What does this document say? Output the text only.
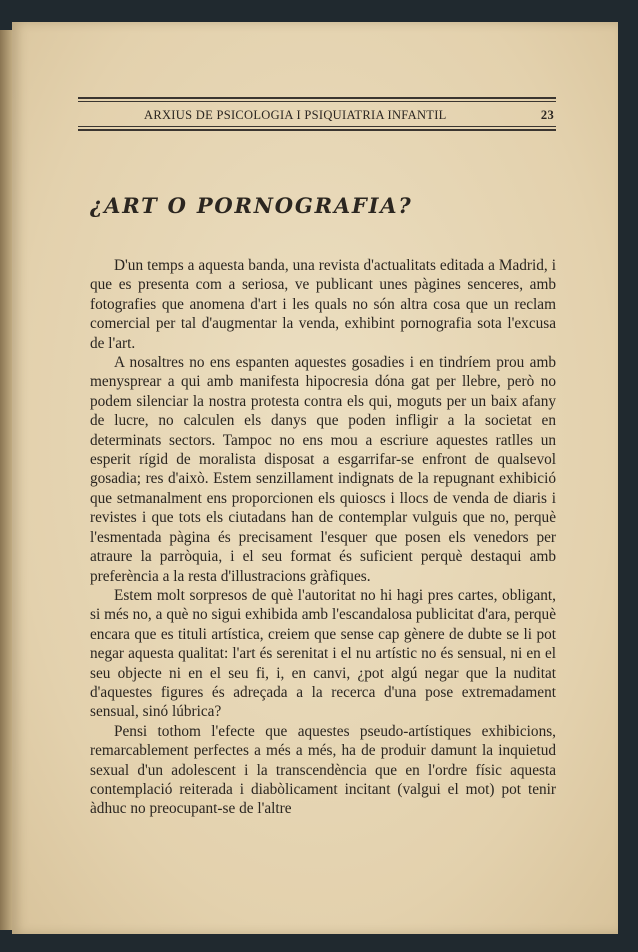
ARXIUS DE PSICOLOGIA I PSIQUIATRIA INFANTIL	23
¿ART O PORNOGRAFIA?

D'un temps a aquesta banda, una revista d'actualitats editada a Madrid, i que es presenta com a seriosa, ve publicant unes pàgines senceres, amb fotografies que anomena d'art i les quals no són altra cosa que un reclam comercial per tal d'augmentar la venda, exhibint pornografia sota l'excusa de l'art.

A nosaltres no ens espanten aquestes gosadies i en tindríem prou amb menysprear a qui amb manifesta hipocresia dóna gat per llebre, però no podem silenciar la nostra protesta contra els qui, moguts per un baix afany de lucre, no calculen els danys que poden infligir a la societat en determinats sectors. Tampoc no ens mou a escriure aquestes ratlles un esperit rígid de moralista disposat a esgarrifar-se enfront de qualsevol gosadia; res d'això. Estem senzillament indignats de la repugnant exhibició que setmanalment ens proporcionen els quioscs i llocs de venda de diaris i revistes i que tots els ciutadans han de contemplar vulguis que no, perquè l'esmentada pàgina és precisament l'esquer que posen els venedors per atraure la parròquia, i el seu format és suficient perquè destaqui amb preferència a la resta d'illustracions gràfiques.

Estem molt sorpresos de què l'autoritat no hi hagi pres cartes, obligant, si més no, a què no sigui exhibida amb l'escandalosa publicitat d'ara, perquè encara que es tituli artística, creiem que sense cap gènere de dubte se li pot negar aquesta qualitat: l'art és serenitat i el nu artístic no és sensual, ni en el seu objecte ni en el seu fi, i, en canvi, ¿pot algú negar que la nuditat d'aquestes figures és adreçada a la recerca d'una pose extremadament sensual, sinó lúbrica?

Pensi tothom l'efecte que aquestes pseudo-artístiques exhibicions, remarcablement perfectes a més a més, ha de produir damunt la inquietud sexual d'un adolescent i la transcendència que en l'ordre físic aquesta contemplació reiterada i diabòlicament incitant (valgui el mot) pot tenir àdhuc no preocupant-se de l'altre
